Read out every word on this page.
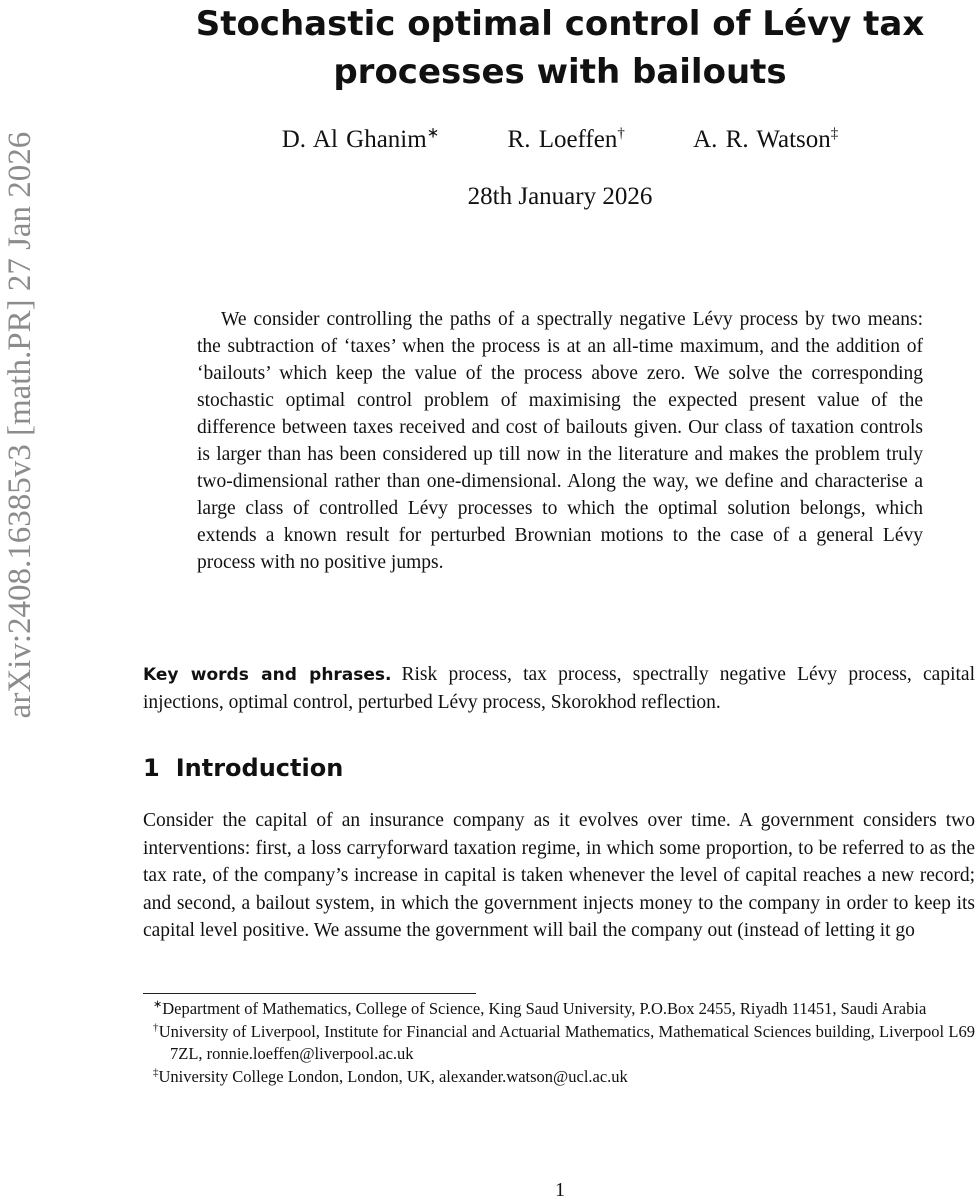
arXiv:2408.16385v3 [math.PR] 27 Jan 2026
Stochastic optimal control of Lévy tax processes with bailouts
D. Al Ghanim∗	R. Loeffen†	A. R. Watson‡
28th January 2026

We consider controlling the paths of a spectrally negative Lévy process by two means: the subtraction of ‘taxes’ when the process is at an all-time maximum, and the addition of ‘bailouts’ which keep the value of the process above zero. We solve the corresponding stochastic optimal control problem of maximising the expected present value of the difference between taxes received and cost of bailouts given. Our class of taxation controls is larger than has been considered up till now in the literature and makes the problem truly two-dimensional rather than one-dimensional. Along the way, we define and characterise a large class of controlled Lévy processes to which the optimal solution belongs, which extends a known result for perturbed Brownian motions to the case of a general Lévy process with no positive jumps.

Key words and phrases. Risk process, tax process, spectrally negative Lévy process, capital injections, optimal control, perturbed Lévy process, Skorokhod reflection.

1 Introduction

Consider the capital of an insurance company as it evolves over time. A government considers two interventions: first, a loss carryforward taxation regime, in which some proportion, to be referred to as the tax rate, of the company’s increase in capital is taken whenever the level of capital reaches a new record; and second, a bailout system, in which the government injects money to the company in order to keep its capital level positive. We assume the government will bail the company out (instead of letting it go

∗Department of Mathematics, College of Science, King Saud University, P.O.Box 2455, Riyadh 11451, Saudi Arabia

†University of Liverpool, Institute for Financial and Actuarial Mathematics, Mathematical Sciences building, Liverpool L69 7ZL, ronnie.loeffen@liverpool.ac.uk

‡University College London, London, UK, alexander.watson@ucl.ac.uk

1
